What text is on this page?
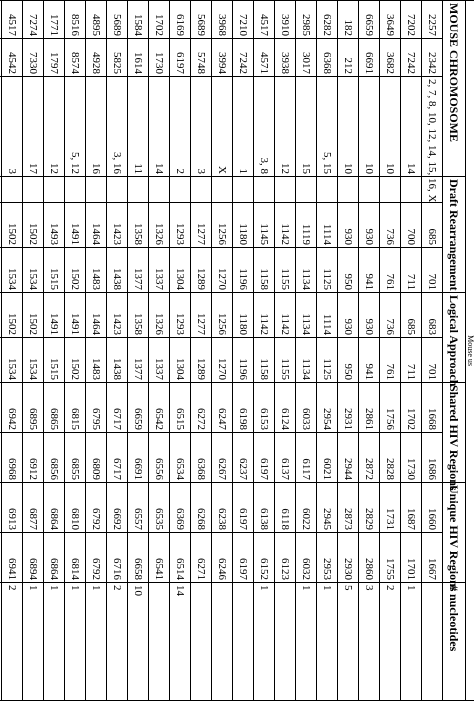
Mouse us												
MOUSE CHROMOSOME			Draft Rearrangement			Logical Approach		Shared HIV Regions		Unique HIV Regions		# nucleotides
2257	2342	2, 7, 8, 10, 12, 14, 15, 16, X		685	701	683	701	1668	1686	1660	1667	
7202	7242	14		700	711	685	711	1702	1730	1687	1701	1
3649	3682	10		736	761	736	761	1756	2828	1731	1755	2
6659	6691	10		930	941	930	941	2861	2872	2829	2860	3
182	212	10		930	950	930	950	2931	2944	2873	2930	5
6282	6368	5, 15		1114	1125	1114	1125	2954	6021	2945	2953	1
2985	3017	15		1119	1134	1134	1134	6033	6117	6022	6032	1
3910	3938	12		1142	1155	1142	1155	6124	6137	6118	6123	
4517	4571	3, 8		1145	1158	1142	1158	6153	6197	6138	6152	1
7210	7242	1		1180	1196	1180	1196	6198	6237	6197	6197	
3968	3994	X		1256	1270	1256	1270	6247	6267	6238	6246	
5689	5748	3		1277	1289	1277	1289	6272	6368	6268	6271	
6169	6197	2		1293	1304	1293	1304	6515	6534	6369	6514	14
1702	1730	14		1326	1337	1326	1337	6542	6556	6535	6541	
1584	1614	11		1358	1377	1358	1377	6659	6691	6557	6658	10
5689	5825	3, 16		1423	1438	1423	1438	6717	6717	6692	6716	2
4895	4928	16		1464	1483	1464	1483	6795	6809	6792	6792	1
8516	8574	5, 12		1491	1502	1491	1502	6815	6855	6810	6814	1
1771	1797	12		1493	1515	1491	1515	6865	6856	6864	6864	1
7274	7330	17		1502	1534	1502	1534	6895	6912	6877	6894	1
4517	4542	3		1502	1534	1502	1534	6942	6968	6913	6941	2
